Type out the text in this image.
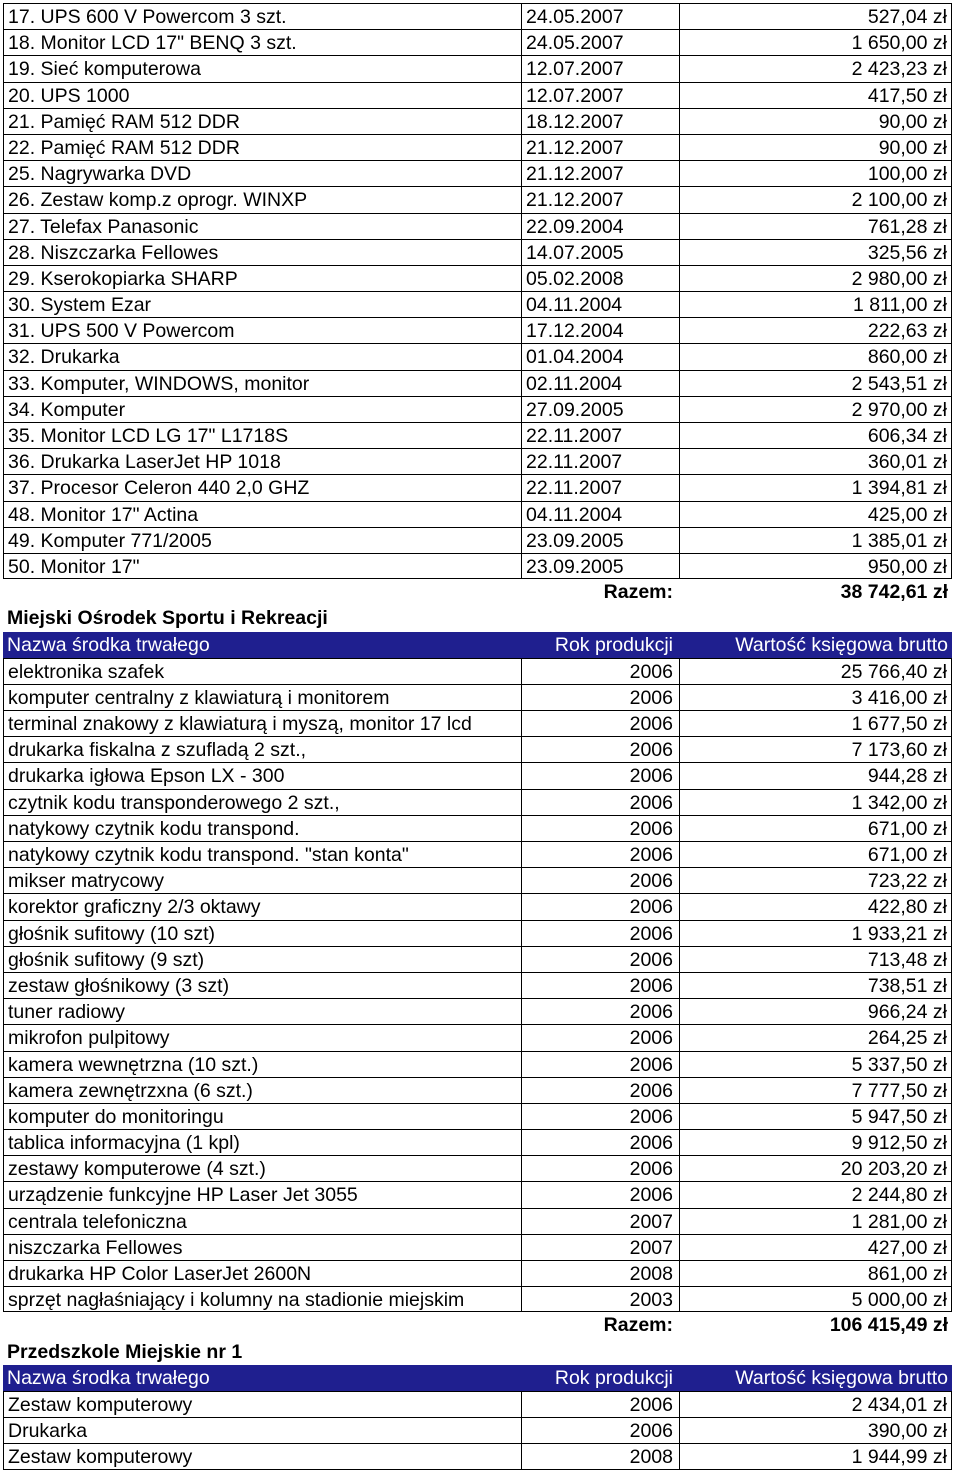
17. UPS 600 V Powercom 3 szt.	24.05.2007	527,04 zł
18. Monitor LCD 17" BENQ 3 szt.	24.05.2007	1 650,00 zł
19. Sieć komputerowa	12.07.2007	2 423,23 zł
20. UPS 1000	12.07.2007	417,50 zł
21. Pamięć RAM 512 DDR	18.12.2007	90,00 zł
22. Pamięć RAM 512 DDR	21.12.2007	90,00 zł
25. Nagrywarka DVD	21.12.2007	100,00 zł
26. Zestaw komp.z oprogr. WINXP	21.12.2007	2 100,00 zł
27. Telefax Panasonic	22.09.2004	761,28 zł
28. Niszczarka Fellowes	14.07.2005	325,56 zł
29. Kserokopiarka SHARP	05.02.2008	2 980,00 zł
30. System Ezar	04.11.2004	1 811,00 zł
31. UPS 500 V Powercom	17.12.2004	222,63 zł
32. Drukarka	01.04.2004	860,00 zł
33. Komputer, WINDOWS, monitor	02.11.2004	2 543,51 zł
34. Komputer	27.09.2005	2 970,00 zł
35. Monitor LCD LG 17" L1718S	22.11.2007	606,34 zł
36. Drukarka LaserJet HP 1018	22.11.2007	360,01 zł
37. Procesor Celeron 440 2,0 GHZ	22.11.2007	1 394,81 zł
48. Monitor 17" Actina	04.11.2004	425,00 zł
49. Komputer 771/2005	23.09.2005	1 385,01 zł
50. Monitor 17"	23.09.2005	950,00 zł
Razem:	38 742,61 zł
Miejski Ośrodek Sportu i Rekreacji
Nazwa środka trwałego	Rok produkcji	Wartość księgowa brutto
elektronika szafek	2006	25 766,40 zł
komputer centralny z klawiaturą i monitorem	2006	3 416,00 zł
terminal znakowy z klawiaturą i myszą, monitor 17 lcd	2006	1 677,50 zł
drukarka fiskalna z szufladą 2 szt.,	2006	7 173,60 zł
drukarka igłowa Epson LX - 300	2006	944,28 zł
czytnik kodu transponderowego 2 szt.,	2006	1 342,00 zł
natykowy czytnik kodu transpond.	2006	671,00 zł
natykowy czytnik kodu transpond. "stan konta"	2006	671,00 zł
mikser matrycowy	2006	723,22 zł
korektor graficzny 2/3 oktawy	2006	422,80 zł
głośnik sufitowy (10 szt)	2006	1 933,21 zł
głośnik sufitowy (9 szt)	2006	713,48 zł
zestaw głośnikowy (3 szt)	2006	738,51 zł
tuner radiowy	2006	966,24 zł
mikrofon pulpitowy	2006	264,25 zł
kamera wewnętrzna (10 szt.)	2006	5 337,50 zł
kamera zewnętrzxna (6 szt.)	2006	7 777,50 zł
komputer do monitoringu	2006	5 947,50 zł
tablica informacyjna (1 kpl)	2006	9 912,50 zł
zestawy komputerowe (4 szt.)	2006	20 203,20 zł
urządzenie funkcyjne HP Laser Jet 3055	2006	2 244,80 zł
centrala telefoniczna	2007	1 281,00 zł
niszczarka Fellowes	2007	427,00 zł
drukarka HP Color LaserJet 2600N	2008	861,00 zł
sprzęt nagłaśniający i kolumny na stadionie miejskim	2003	5 000,00 zł
Razem:	106 415,49 zł
Przedszkole Miejskie nr 1
Nazwa środka trwałego	Rok produkcji	Wartość księgowa brutto
Zestaw komputerowy	2006	2 434,01 zł
Drukarka	2006	390,00 zł
Zestaw komputerowy	2008	1 944,99 zł
